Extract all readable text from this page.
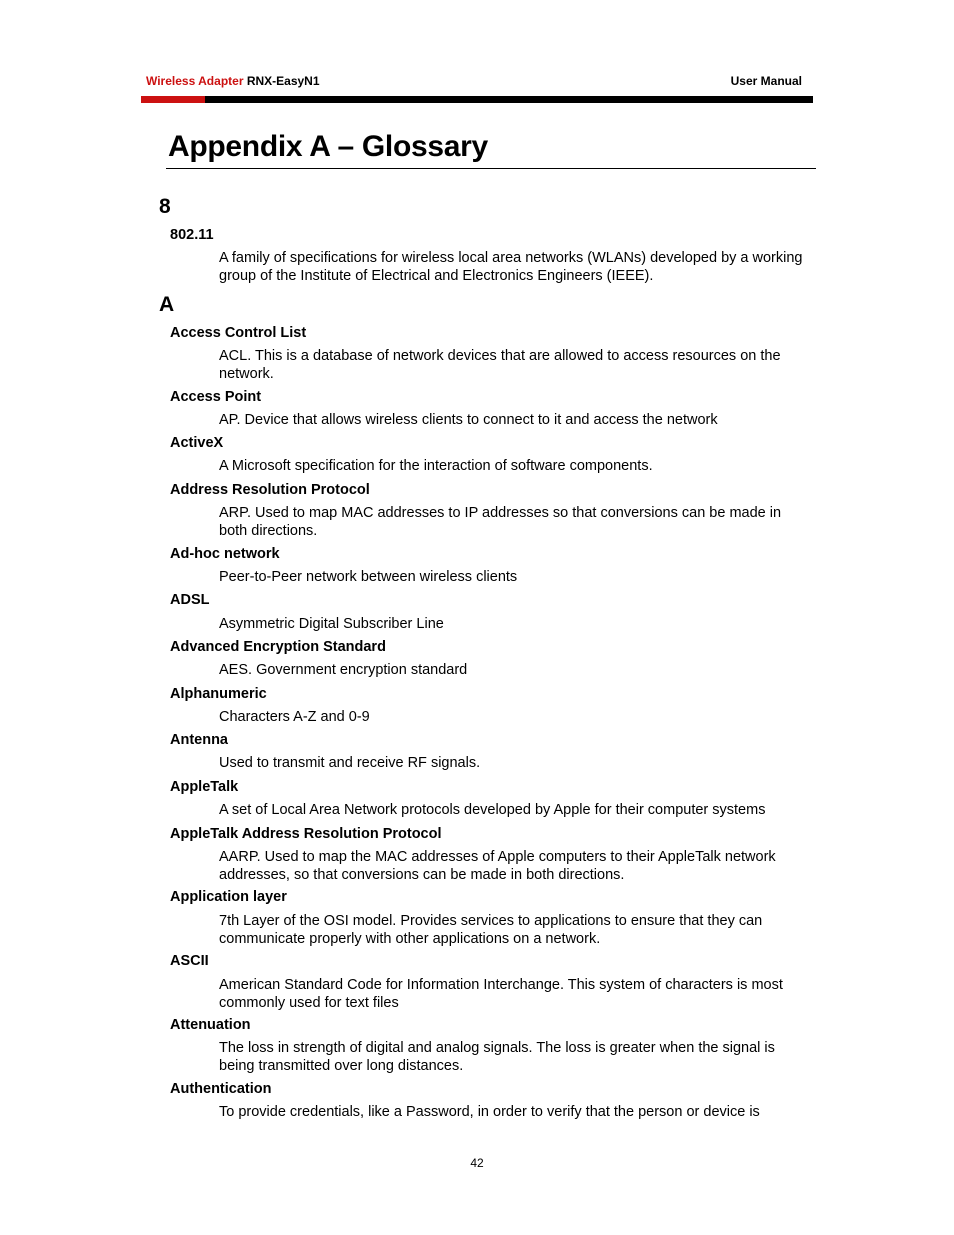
Wireless Adapter RNX-EasyN1	User Manual
Appendix A – Glossary
8
802.11
A family of specifications for wireless local area networks (WLANs) developed by a working group of the Institute of Electrical and Electronics Engineers (IEEE).
A
Access Control List
ACL. This is a database of network devices that are allowed to access resources on the network.
Access Point
AP. Device that allows wireless clients to connect to it and access the network
ActiveX
A Microsoft specification for the interaction of software components.
Address Resolution Protocol
ARP. Used to map MAC addresses to IP addresses so that conversions can be made in both directions.
Ad-hoc network
Peer-to-Peer network between wireless clients
ADSL
Asymmetric Digital Subscriber Line
Advanced Encryption Standard
AES. Government encryption standard
Alphanumeric
Characters A-Z and 0-9
Antenna
Used to transmit and receive RF signals.
AppleTalk
A set of Local Area Network protocols developed by Apple for their computer systems
AppleTalk Address Resolution Protocol
AARP. Used to map the MAC addresses of Apple computers to their AppleTalk network addresses, so that conversions can be made in both directions.
Application layer
7th Layer of the OSI model. Provides services to applications to ensure that they can communicate properly with other applications on a network.
ASCII
American Standard Code for Information Interchange. This system of characters is most commonly used for text files
Attenuation
The loss in strength of digital and analog signals. The loss is greater when the signal is being transmitted over long distances.
Authentication
To provide credentials, like a Password, in order to verify that the person or device is
42
